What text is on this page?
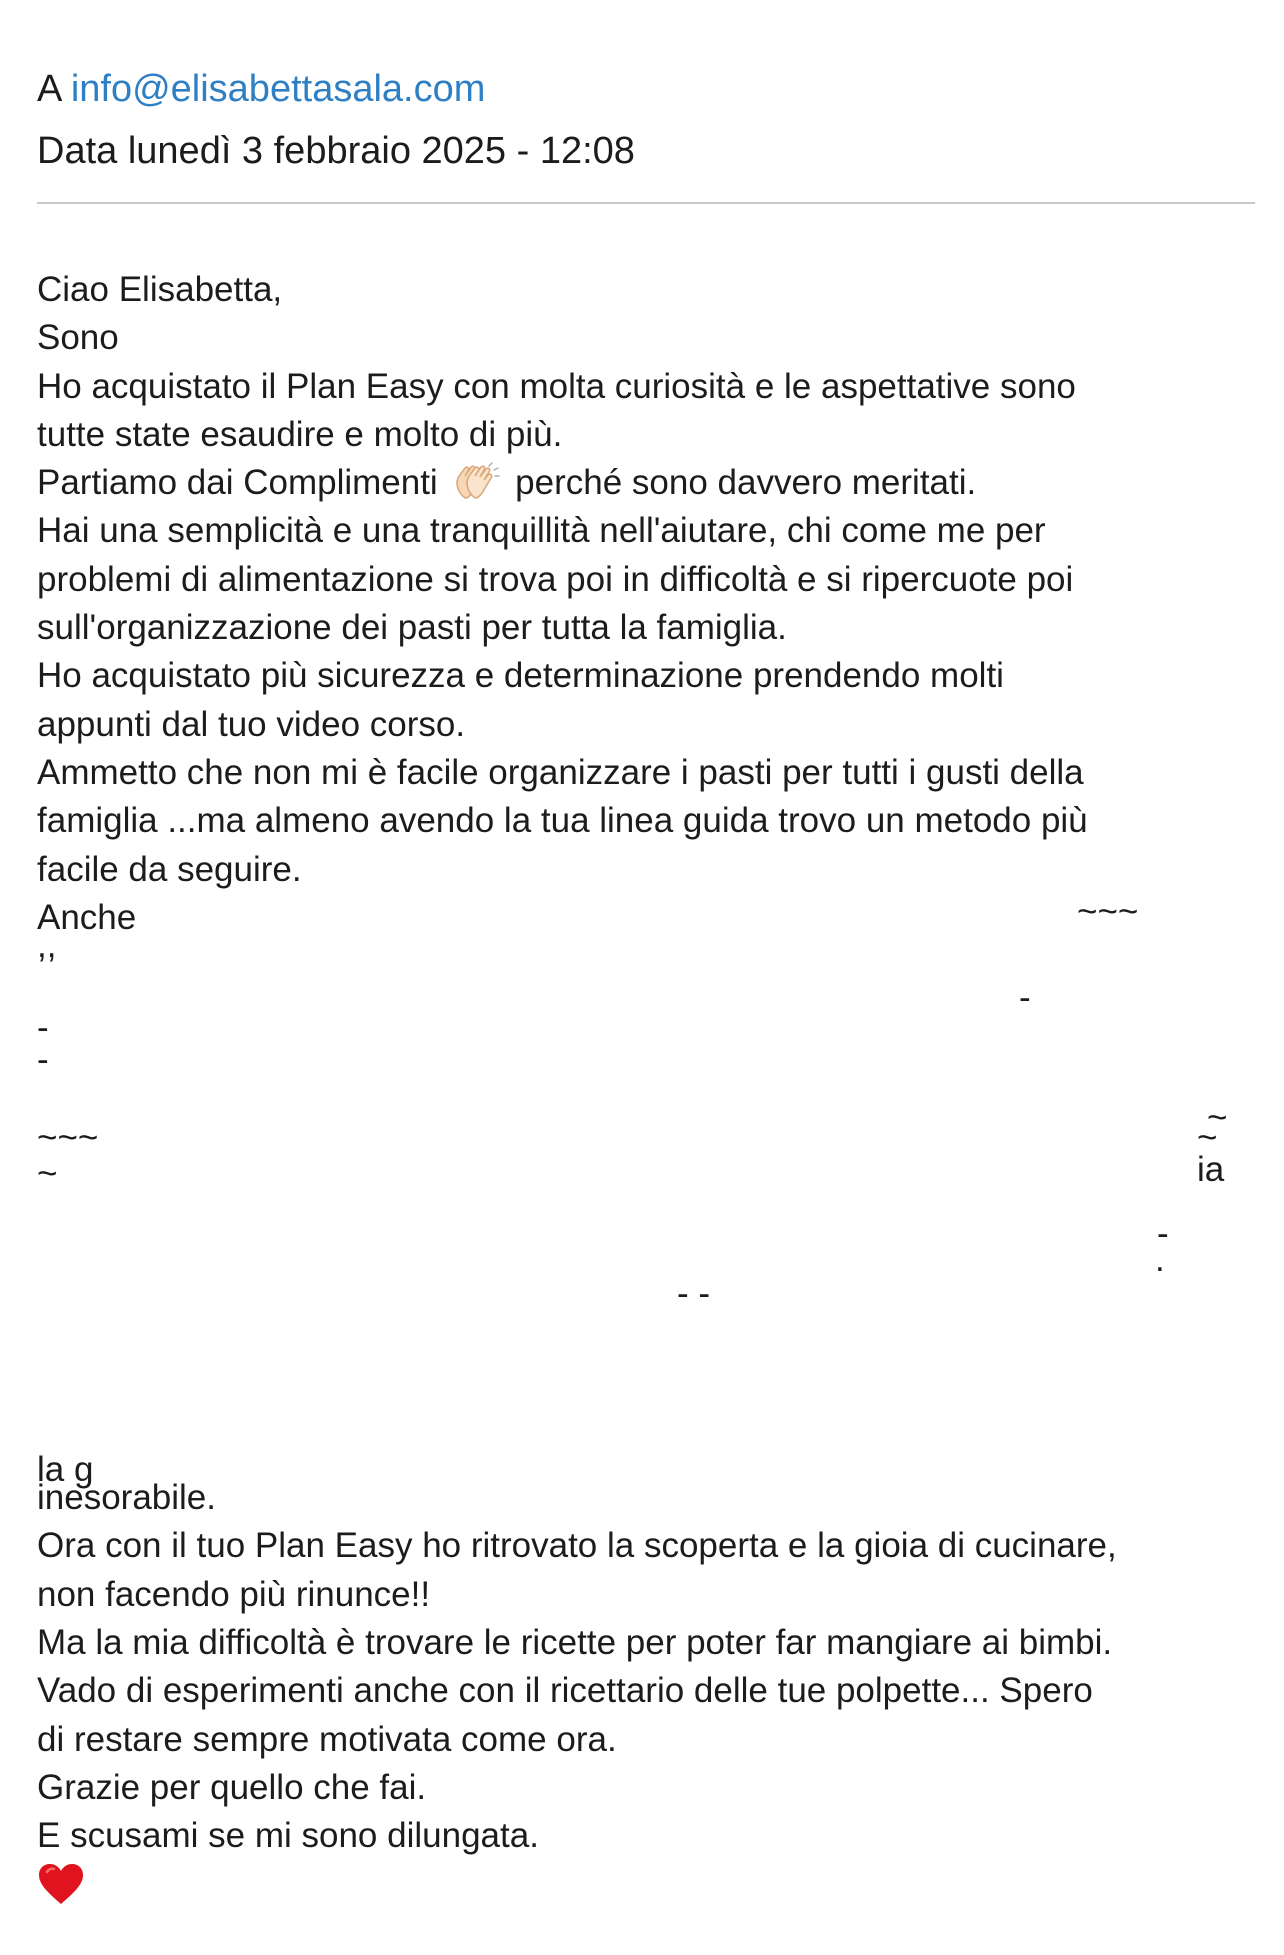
A info@elisabettasala.com
Data lunedì 3 febbraio 2025 - 12:08
Ciao Elisabetta,
Sono
Ho acquistato il Plan Easy con molta curiosità e le aspettative sono
tutte state esaudire e molto di più.
Partiamo dai Complimenti  perché sono davvero meritati.
Hai una semplicità e una tranquillità nell'aiutare, chi come me per
problemi di alimentazione si trova poi in difficoltà e si ripercuote poi
sull'organizzazione dei pasti per tutta la famiglia.
Ho acquistato più sicurezza e determinazione prendendo molti
appunti dal tuo video corso.
Ammetto che non mi è facile organizzare i pasti per tutti i gusti della
famiglia ...ma almeno avendo la tua linea guida trovo un metodo più
facile da seguire.
Anche	~~~
,,
-
-
-
~
~~~	~
~	ia
-
.
- -
la g
inesorabile.
Ora con il tuo Plan Easy ho ritrovato la scoperta e la gioia di cucinare,
non facendo più rinunce!!
Ma la mia difficoltà è trovare le ricette per poter far mangiare ai bimbi.
Vado di esperimenti anche con il ricettario delle tue polpette... Spero
di restare sempre motivata come ora.
Grazie per quello che fai.
E scusami se mi sono dilungata.
